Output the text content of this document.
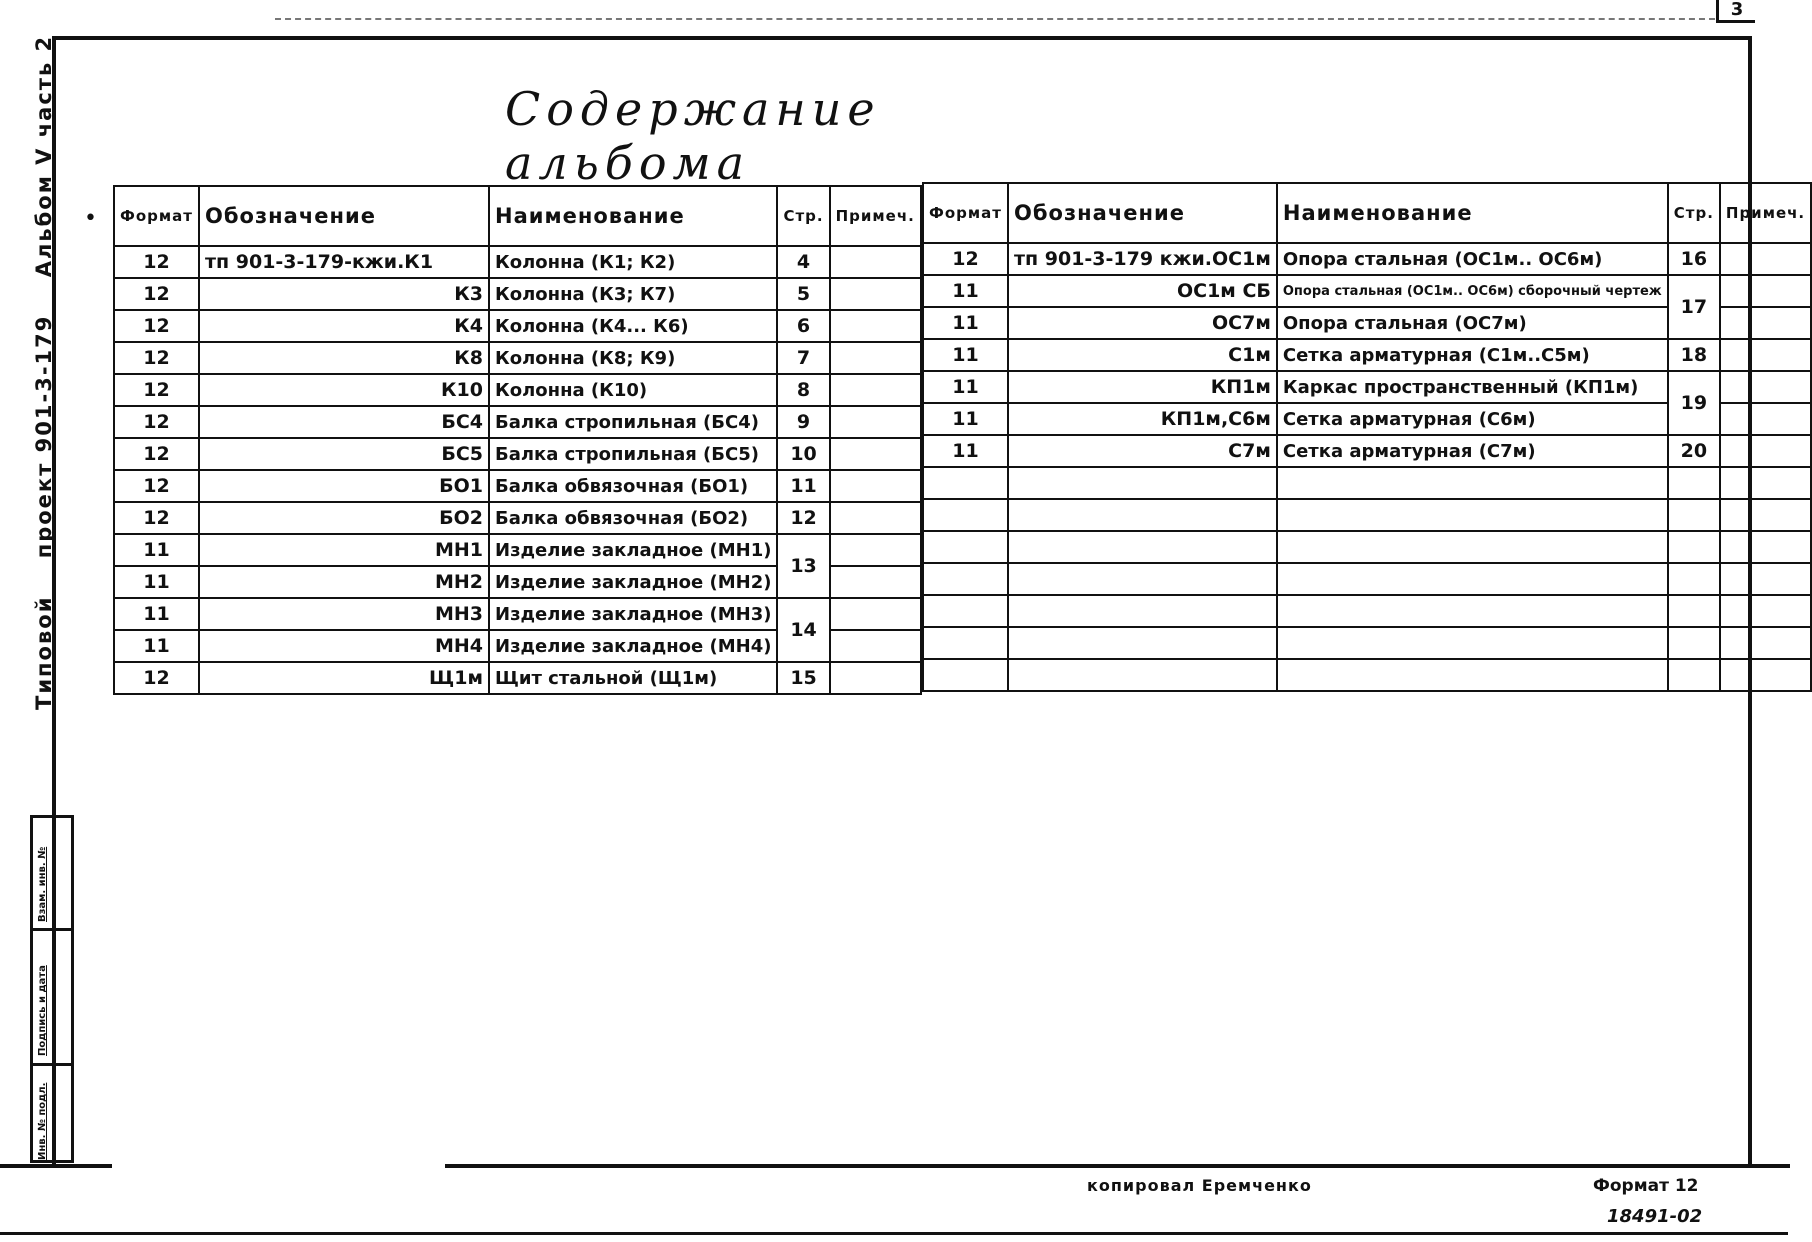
3
Типовой проект 901-3-179 Альбом V часть 2
Взам. инв. №
Подпись и дата
Инв. № подл.
Содержание альбома
• Формат	Обозначение	Наименование	Стр.	Примеч.
12	тп 901-3-179-кжи.К1	Колонна (К1; К2)	4	
12	К3	Колонна (К3; К7)	5	
12	К4	Колонна (К4... К6)	6	
12	К8	Колонна (К8; К9)	7	
12	К10	Колонна (К10)	8	
12	БС4	Балка стропильная (БС4)	9	
12	БС5	Балка стропильная (БС5)	10	
12	БО1	Балка обвязочная (БО1)	11	
12	БО2	Балка обвязочная (БО2)	12	
11	МН1	Изделие закладное (МН1)	13	
11	МН2	Изделие закладное (МН2)		
11	МН3	Изделие закладное (МН3)	14	
11	МН4	Изделие закладное (МН4)		
12	Щ1м	Щит стальной (Щ1м)	15	
Формат	Обозначение	Наименование	Стр.	Примеч.
12	тп 901-3-179 кжи.ОС1м	Опора стальная (ОС1м.. ОС6м)	16	
11	ОС1м СБ	Опора стальная (ОС1м.. ОС6м) сборочный чертеж	17	
11	ОС7м	Опора стальная (ОС7м)		
11	С1м	Сетка арматурная (С1м..С5м)	18	
11	КП1м	Каркас пространственный (КП1м)	19	
11	КП1м,С6м	Сетка арматурная (С6м)		
11	С7м	Сетка арматурная (С7м)	20	

копировал Еремченко	Формат 12
18491-02
